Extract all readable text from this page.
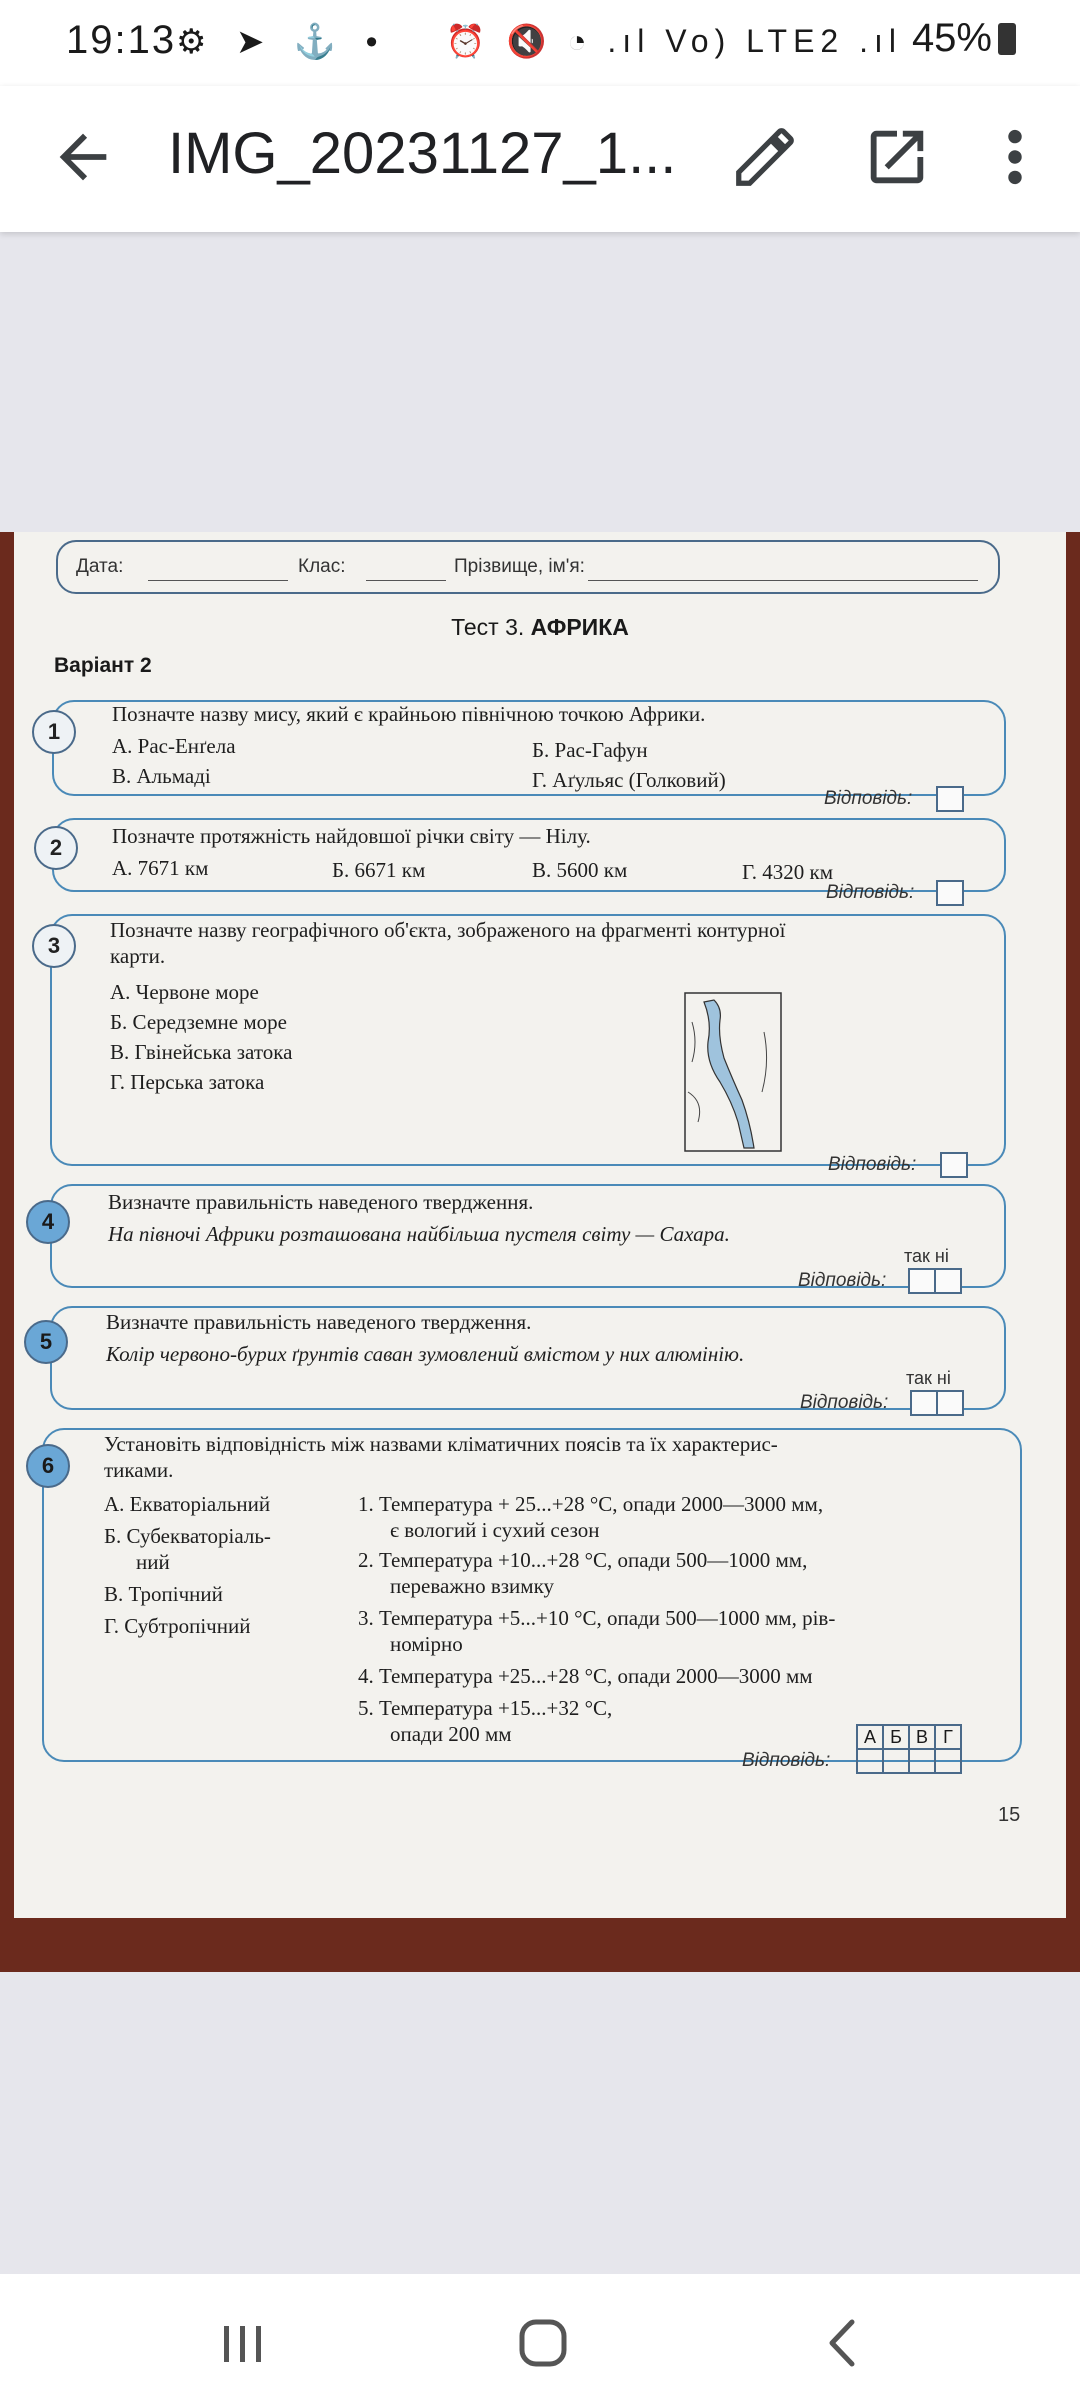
19:13 ⚙ ➤ ⚓ • ⏰ 🔇 ◔ .ıl Vo) LTE2 .ıl 45%
IMG_20231127_1...
Дата:	Клас:	Прізвище, ім'я:
Тест 3. АФРИКА
Варіант 2
1
Позначте назву мису, який є крайньою північною точкою Африки.
А. Рас-Енґела	Б. Рас-Гафун
В. Альмаді	Г. Аґульяс (Голковий)
Відповідь:
2	Позначте протяжність найдовшої річки світу — Нілу.
А. 7671 км	Б. 6671 км	В. 5600 км	Г. 4320 км
Відповідь:
3
Позначте назву географічного об'єкта, зображеного на фрагменті контурної
карти.
А. Червоне море
Б. Середземне море
В. Гвінейська затока
Г. Перська затока
Відповідь:
4
Визначте правильність наведеного твердження.
На півночі Африки розташована найбільша пустеля світу — Сахара.
так ні
Відповідь:
5
Визначте правильність наведеного твердження.
Колір червоно-бурих ґрунтів саван зумовлений вмістом у них алюмінію.
так ні
Відповідь:
6
Установіть відповідність між назвами кліматичних поясів та їх характерис-
тиками.
А. Екваторіальний
Б. Субекваторіаль-
ний
В. Тропічний
Г. Субтропічний
1. Температура + 25...+28 °С, опади 2000—3000 мм,
є вологий і сухий сезон
2. Температура +10...+28 °С, опади 500—1000 мм,
переважно взимку
3. Температура +5...+10 °С, опади 500—1000 мм, рів-
номірно
4. Температура +25...+28 °С, опади 2000—3000 мм
5. Температура +15...+32 °С,
опади 200 мм
Відповідь:
А	Б	В	Г

15
